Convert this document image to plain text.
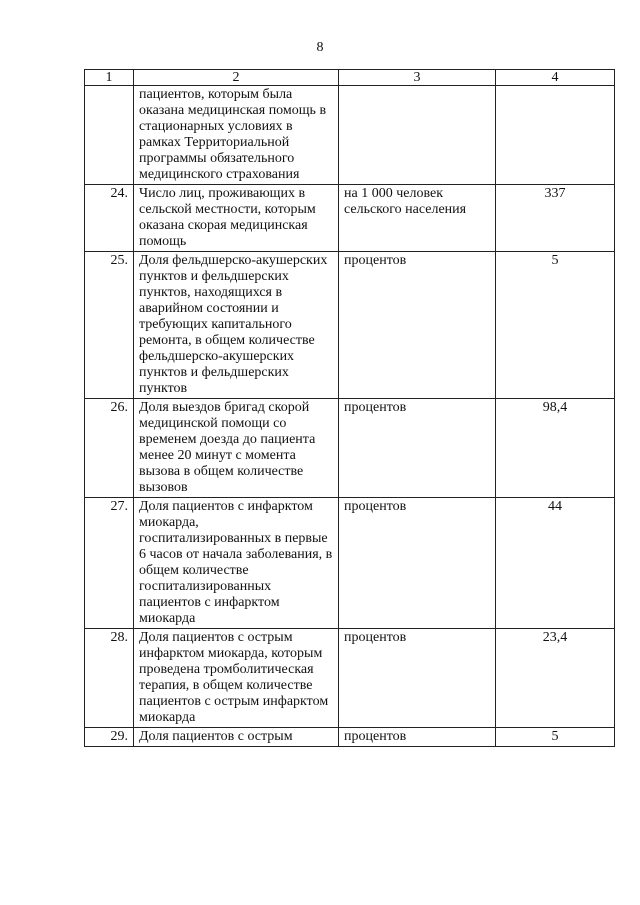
8
1	2	3	4
	пациентов, которым была оказана медицинская помощь в стационарных условиях в рамках Территориальной программы обязательного медицинского страхования		
24.	Число лиц, проживающих в сельской местности, которым оказана скорая медицинская помощь	на 1 000 человек сельского населения	337
25.	Доля фельдшерско-акушерских пунктов и фельдшерских пунктов, находящихся в аварийном состоянии и требующих капитального ремонта, в общем количестве фельдшерско-акушерских пунктов и фельдшерских пунктов	процентов	5
26.	Доля выездов бригад скорой медицинской помощи со временем доезда до пациента менее 20 минут с момента вызова в общем количестве вызовов	процентов	98,4
27.	Доля пациентов с инфарктом миокарда, госпитализированных в первые 6 часов от начала заболевания, в общем количестве госпитализированных пациентов с инфарктом миокарда	процентов	44
28.	Доля пациентов с острым инфарктом миокарда, которым проведена тромболитическая терапия, в общем количестве пациентов с острым инфарктом миокарда	процентов	23,4
29.	Доля пациентов с острым	процентов	5
